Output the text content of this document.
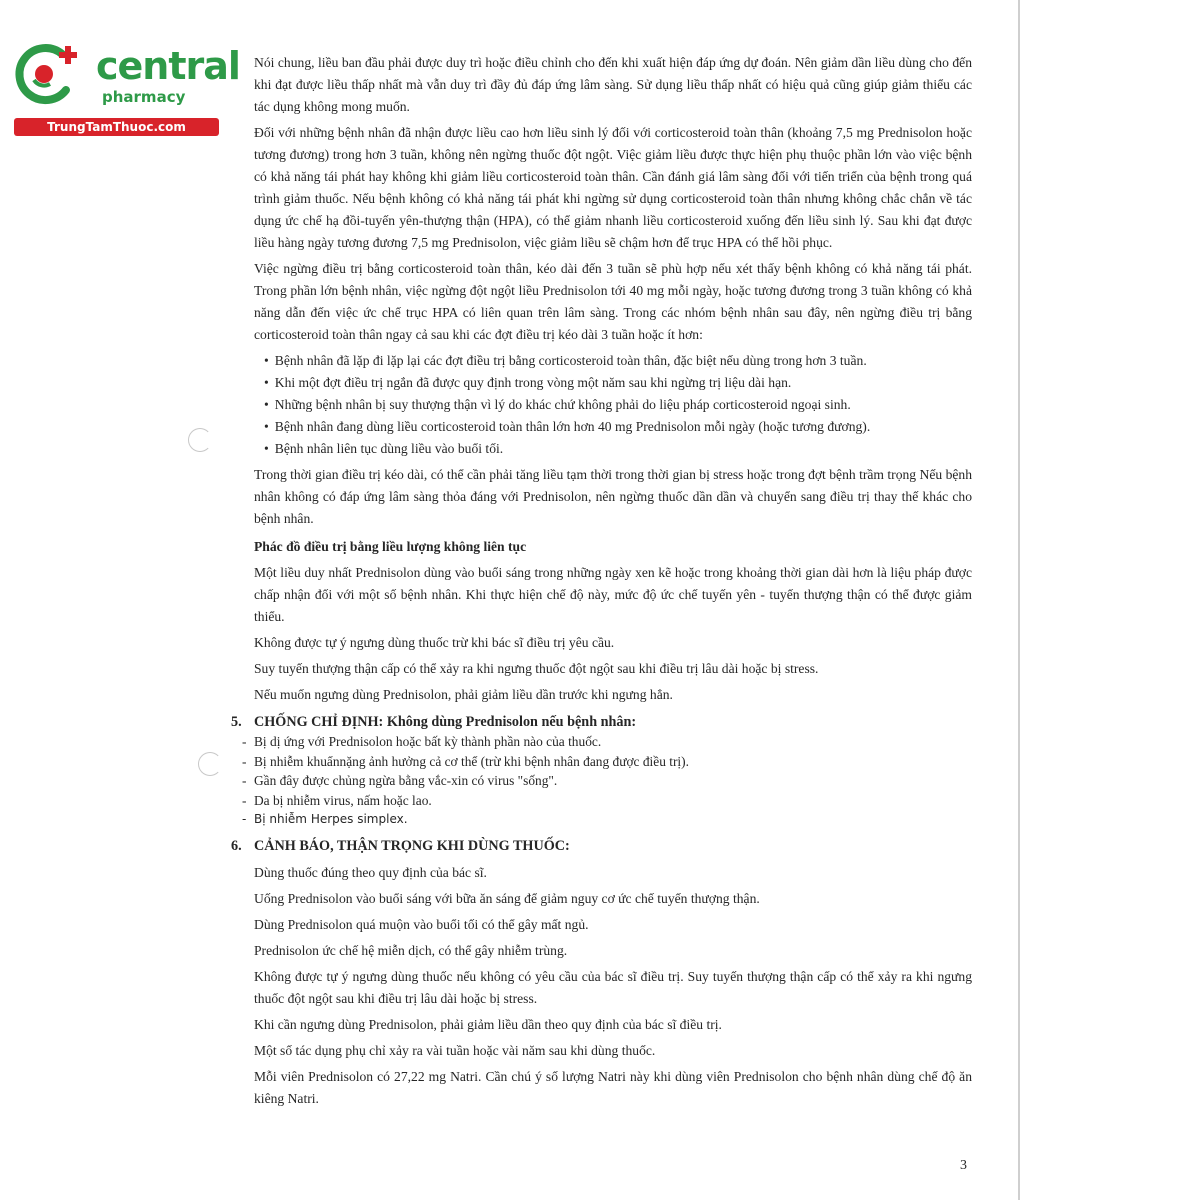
central
pharmacy
TrungTamThuoc.com

Nói chung, liều ban đầu phải được duy trì hoặc điều chỉnh cho đến khi xuất hiện đáp ứng dự đoán. Nên giảm dần liều dùng cho đến khi đạt được liều thấp nhất mà vẫn duy trì đầy đủ đáp ứng lâm sàng. Sử dụng liều thấp nhất có hiệu quả cũng giúp giảm thiểu các tác dụng không mong muốn.

Đối với những bệnh nhân đã nhận được liều cao hơn liều sinh lý đối với corticosteroid toàn thân (khoảng 7,5 mg Prednisolon hoặc tương đương) trong hơn 3 tuần, không nên ngừng thuốc đột ngột. Việc giảm liều được thực hiện phụ thuộc phần lớn vào việc bệnh có khả năng tái phát hay không khi giảm liều corticosteroid toàn thân. Cần đánh giá lâm sàng đối với tiến triển của bệnh trong quá trình giảm thuốc. Nếu bệnh không có khả năng tái phát khi ngừng sử dụng corticosteroid toàn thân nhưng không chắc chắn về tác dụng ức chế hạ đồi-tuyến yên-thượng thận (HPA), có thể giảm nhanh liều corticosteroid xuống đến liều sinh lý. Sau khi đạt được liều hàng ngày tương đương 7,5 mg Prednisolon, việc giảm liều sẽ chậm hơn để trục HPA có thể hồi phục.

Việc ngừng điều trị bằng corticosteroid toàn thân, kéo dài đến 3 tuần sẽ phù hợp nếu xét thấy bệnh không có khả năng tái phát. Trong phần lớn bệnh nhân, việc ngừng đột ngột liều Prednisolon tới 40 mg mỗi ngày, hoặc tương đương trong 3 tuần không có khả năng dẫn đến việc ức chế trục HPA có liên quan trên lâm sàng. Trong các nhóm bệnh nhân sau đây, nên ngừng điều trị bằng corticosteroid toàn thân ngay cả sau khi các đợt điều trị kéo dài 3 tuần hoặc ít hơn:

• Bệnh nhân đã lặp đi lặp lại các đợt điều trị bằng corticosteroid toàn thân, đặc biệt nếu dùng trong hơn 3 tuần.
• Khi một đợt điều trị ngắn đã được quy định trong vòng một năm sau khi ngừng trị liệu dài hạn.
• Những bệnh nhân bị suy thượng thận vì lý do khác chứ không phải do liệu pháp corticosteroid ngoại sinh.
• Bệnh nhân đang dùng liều corticosteroid toàn thân lớn hơn 40 mg Prednisolon mỗi ngày (hoặc tương đương).
• Bệnh nhân liên tục dùng liều vào buổi tối.

Trong thời gian điều trị kéo dài, có thể cần phải tăng liều tạm thời trong thời gian bị stress hoặc trong đợt bệnh trầm trọng Nếu bệnh nhân không có đáp ứng lâm sàng thỏa đáng với Prednisolon, nên ngừng thuốc dần dần và chuyển sang điều trị thay thế khác cho bệnh nhân.

Phác đồ điều trị bằng liều lượng không liên tục

Một liều duy nhất Prednisolon dùng vào buổi sáng trong những ngày xen kẽ hoặc trong khoảng thời gian dài hơn là liệu pháp được chấp nhận đối với một số bệnh nhân. Khi thực hiện chế độ này, mức độ ức chế tuyến yên - tuyến thượng thận có thể được giảm thiểu.

Không được tự ý ngưng dùng thuốc trừ khi bác sĩ điều trị yêu cầu.

Suy tuyến thượng thận cấp có thể xảy ra khi ngưng thuốc đột ngột sau khi điều trị lâu dài hoặc bị stress.

Nếu muốn ngưng dùng Prednisolon, phải giảm liều dần trước khi ngưng hẳn.

5. CHỐNG CHỈ ĐỊNH: Không dùng Prednisolon nếu bệnh nhân:
- Bị dị ứng với Prednisolon hoặc bất kỳ thành phần nào của thuốc.
- Bị nhiễm khuẩnnặng ảnh hưởng cả cơ thể (trừ khi bệnh nhân đang được điều trị).
- Gần đây được chủng ngừa bằng vắc-xin có virus "sống".
- Da bị nhiễm virus, nấm hoặc lao.
- Bị nhiễm Herpes simplex.
6. CẢNH BÁO, THẬN TRỌNG KHI DÙNG THUỐC:

Dùng thuốc đúng theo quy định của bác sĩ.

Uống Prednisolon vào buổi sáng với bữa ăn sáng để giảm nguy cơ ức chế tuyến thượng thận.

Dùng Prednisolon quá muộn vào buổi tối có thể gây mất ngủ.

Prednisolon ức chế hệ miễn dịch, có thể gây nhiễm trùng.

Không được tự ý ngưng dùng thuốc nếu không có yêu cầu của bác sĩ điều trị. Suy tuyến thượng thận cấp có thể xảy ra khi ngưng thuốc đột ngột sau khi điều trị lâu dài hoặc bị stress.

Khi cần ngưng dùng Prednisolon, phải giảm liều dần theo quy định của bác sĩ điều trị.

Một số tác dụng phụ chỉ xảy ra vài tuần hoặc vài năm sau khi dùng thuốc.

Mỗi viên Prednisolon có 27,22 mg Natri. Cần chú ý số lượng Natri này khi dùng viên Prednisolon cho bệnh nhân dùng chế độ ăn kiêng Natri.

3
